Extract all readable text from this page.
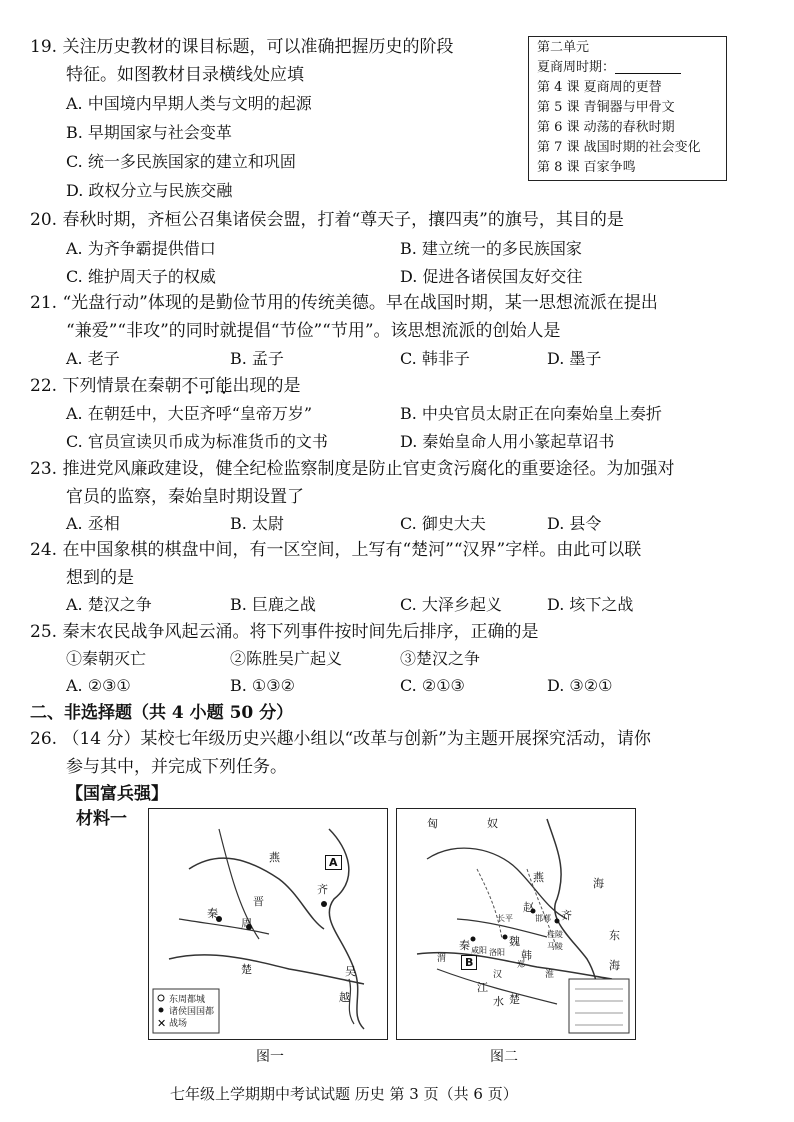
19. 关注历史教材的课目标题，可以准确把握历史的阶段
特征。如图教材目录横线处应填
A. 中国境内早期人类与文明的起源
B. 早期国家与社会变革
C. 统一多民族国家的建立和巩固
D. 政权分立与民族交融
第二单元
夏商周时期：
第 4 课 夏商周的更替
第 5 课 青铜器与甲骨文
第 6 课 动荡的春秋时期
第 7 课 战国时期的社会变化
第 8 课 百家争鸣
20. 春秋时期，齐桓公召集诸侯会盟，打着“尊天子，攘四夷”的旗号，其目的是
A. 为齐争霸提供借口	B. 建立统一的多民族国家
C. 维护周天子的权威	D. 促进各诸侯国友好交往
21. “光盘行动”体现的是勤俭节用的传统美德。早在战国时期，某一思想流派在提出
“兼爱”“非攻”的同时就提倡“节俭”“节用”。该思想流派的创始人是
A. 老子	B. 孟子	C. 韩非子	D. 墨子
22. 下列情景在秦朝不可能出现的是
A. 在朝廷中，大臣齐呼“皇帝万岁”	B. 中央官员太尉正在向秦始皇上奏折
C. 官员宣读贝币成为标准货币的文书	D. 秦始皇命人用小篆起草诏书
23. 推进党风廉政建设，健全纪检监察制度是防止官吏贪污腐化的重要途径。为加强对
官员的监察，秦始皇时期设置了
A. 丞相	B. 太尉	C. 御史大夫	D. 县令
24. 在中国象棋的棋盘中间，有一区空间，上写有“楚河”“汉界”字样。由此可以联
想到的是
A. 楚汉之争	B. 巨鹿之战	C. 大泽乡起义	D. 垓下之战
25. 秦末农民战争风起云涌。将下列事件按时间先后排序，正确的是
①秦朝灭亡	②陈胜吴广起义	③楚汉之争
A. ②③①	B. ①③②	C. ②①③	D. ③②①
二、非选择题（共 4 小题 50 分）
26. （14 分）某校七年级历史兴趣小组以“改革与创新”为主题开展探究活动，请你
参与其中，并完成下列任务。
【国富兵强】
材料一
✕
燕
齐
晋
秦
周
楚	吴
越
A
东周都城
诸侯国国都
战场
图一
匈	奴
燕
赵
秦	魏
韩
齐
楚
海
东
海
长平	邯郸
桂陵
马陵
洛阳
郑
咸阳
B
江
水
渭
汉	淮
图二
七年级上学期期中考试试题 历史 第 3 页（共 6 页）
